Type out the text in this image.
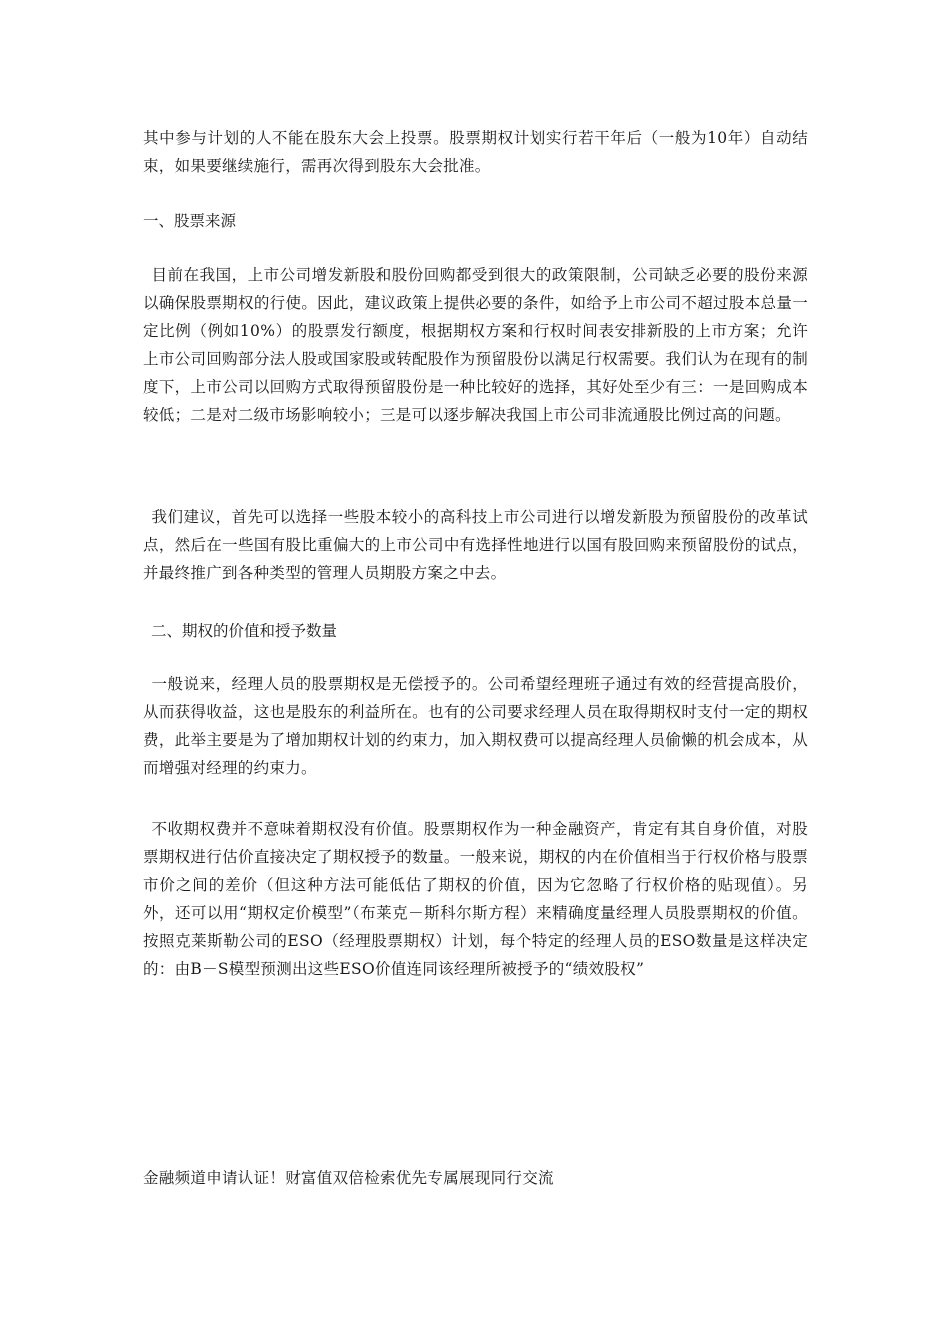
其中参与计划的人不能在股东大会上投票。股票期权计划实行若干年后（一般为10年）自动结束，如果要继续施行，需再次得到股东大会批准。

一、股票来源

目前在我国，上市公司增发新股和股份回购都受到很大的政策限制，公司缺乏必要的股份来源以确保股票期权的行使。因此，建议政策上提供必要的条件，如给予上市公司不超过股本总量一定比例（例如10%）的股票发行额度，根据期权方案和行权时间表安排新股的上市方案；允许上市公司回购部分法人股或国家股或转配股作为预留股份以满足行权需要。我们认为在现有的制度下，上市公司以回购方式取得预留股份是一种比较好的选择，其好处至少有三：一是回购成本较低；二是对二级市场影响较小；三是可以逐步解决我国上市公司非流通股比例过高的问题。

我们建议，首先可以选择一些股本较小的高科技上市公司进行以增发新股为预留股份的改革试点，然后在一些国有股比重偏大的上市公司中有选择性地进行以国有股回购来预留股份的试点，并最终推广到各种类型的管理人员期股方案之中去。

二、期权的价值和授予数量

一般说来，经理人员的股票期权是无偿授予的。公司希望经理班子通过有效的经营提高股价，从而获得收益，这也是股东的利益所在。也有的公司要求经理人员在取得期权时支付一定的期权费，此举主要是为了增加期权计划的约束力，加入期权费可以提高经理人员偷懒的机会成本，从而增强对经理的约束力。

不收期权费并不意味着期权没有价值。股票期权作为一种金融资产，肯定有其自身价值，对股票期权进行估价直接决定了期权授予的数量。一般来说，期权的内在价值相当于行权价格与股票市价之间的差价（但这种方法可能低估了期权的价值，因为它忽略了行权价格的贴现值）。另外，还可以用“期权定价模型”（布莱克－斯科尔斯方程）来精确度量经理人员股票期权的价值。按照克莱斯勒公司的ESO（经理股票期权）计划，每个特定的经理人员的ESO数量是这样决定的：由B－S模型预测出这些ESO价值连同该经理所被授予的“绩效股权”

金融频道申请认证！财富值双倍检索优先专属展现同行交流
